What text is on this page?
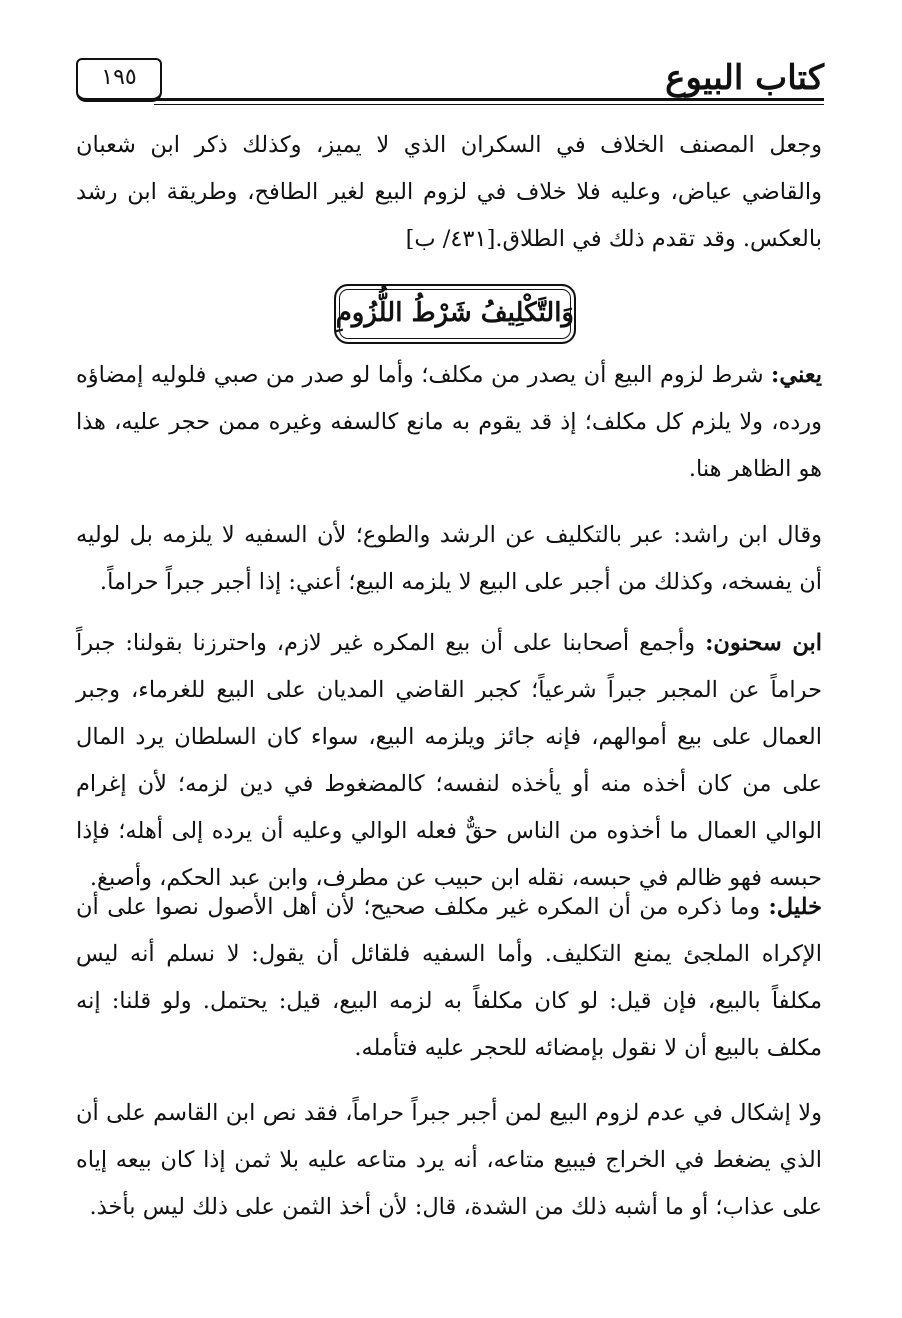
كتاب البيوع
١٩٥
وجعل المصنف الخلاف في السكران الذي لا يميز، وكذلك ذكر ابن شعبان والقاضي عياض، وعليه فلا خلاف في لزوم البيع لغير الطافح، وطريقة ابن رشد بالعكس. وقد تقدم ذلك في الطلاق.[٤٣١/ ب]
وَالتَّكْلِيفُ شَرْطُ اللُّزُومِ
يعني: شرط لزوم البيع أن يصدر من مكلف؛ وأما لو صدر من صبي فلوليه إمضاؤه ورده، ولا يلزم كل مكلف؛ إذ قد يقوم به مانع كالسفه وغيره ممن حجر عليه، هذا هو الظاهر هنا.
وقال ابن راشد: عبر بالتكليف عن الرشد والطوع؛ لأن السفيه لا يلزمه بل لوليه أن يفسخه، وكذلك من أجبر على البيع لا يلزمه البيع؛ أعني: إذا أجبر جبراً حراماً.
ابن سحنون: وأجمع أصحابنا على أن بيع المكره غير لازم، واحترزنا بقولنا: جبراً حراماً عن المجبر جبراً شرعياً؛ كجبر القاضي المديان على البيع للغرماء، وجبر العمال على بيع أموالهم، فإنه جائز ويلزمه البيع، سواء كان السلطان يرد المال على من كان أخذه منه أو يأخذه لنفسه؛ كالمضغوط في دين لزمه؛ لأن إغرام الوالي العمال ما أخذوه من الناس حقٌّ فعله الوالي وعليه أن يرده إلى أهله؛ فإذا حبسه فهو ظالم في حبسه، نقله ابن حبيب عن مطرف، وابن عبد الحكم، وأصبغ.
خليل: وما ذكره من أن المكره غير مكلف صحيح؛ لأن أهل الأصول نصوا على أن الإكراه الملجئ يمنع التكليف. وأما السفيه فلقائل أن يقول: لا نسلم أنه ليس مكلفاً بالبيع، فإن قيل: لو كان مكلفاً به لزمه البيع، قيل: يحتمل. ولو قلنا: إنه مكلف بالبيع أن لا نقول بإمضائه للحجر عليه فتأمله.
ولا إشكال في عدم لزوم البيع لمن أجبر جبراً حراماً، فقد نص ابن القاسم على أن الذي يضغط في الخراج فيبيع متاعه، أنه يرد متاعه عليه بلا ثمن إذا كان بيعه إياه على عذاب؛ أو ما أشبه ذلك من الشدة، قال: لأن أخذ الثمن على ذلك ليس بأخذ.
